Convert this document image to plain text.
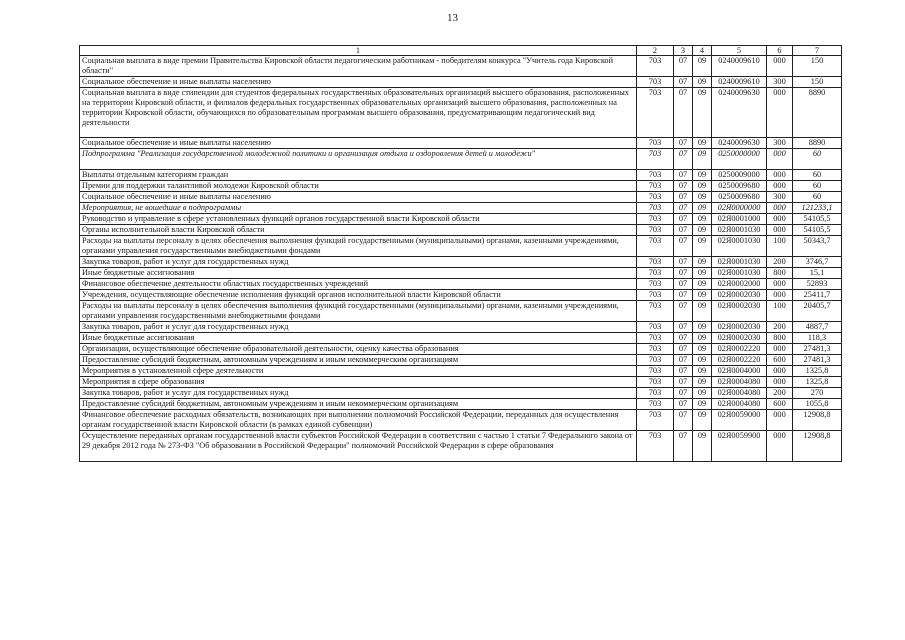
13
1	2	3	4	5	6	7
Социальная выплата в виде премии Правительства Кировской области педагогическим работникам - победителям конкурса "Учитель года Кировской области"	703	07	09	0240009610	000	150
Социальное обеспечение и иные выплаты населению	703	07	09	0240009610	300	150
Социальная выплата в виде стипендии для студентов федеральных государственных образовательных организаций высшего образования, расположенных на территории Кировской области, и филиалов федеральных государственных образовательных организаций высшего образования, расположенных на территории Кировской области, обучающихся по образовательным программам высшего образования, предусматривающим педагогический вид деятельности	703	07	09	0240009630	000	8890
Социальное обеспечение и иные выплаты населению	703	07	09	0240009630	300	8890
Подпрограмма "Реализация государственной молодежной политики и организация отдыха и оздоровления детей и молодежи"	703	07	09	0250000000	000	60
Выплаты отдельным категориям граждан	703	07	09	0250009000	000	60
Премии для поддержки талантливой молодежи Кировской области	703	07	09	0250009680	000	60
Социальное обеспечение и иные выплаты населению	703	07	09	0250009680	300	60
Мероприятия, не вошедшие в подпрограммы	703	07	09	02Я0000000	000	121233,1
Руководство и управление в сфере установленных функций органов государственной власти Кировской области	703	07	09	02Я0001000	000	54105,5
Органы исполнительной власти Кировской области	703	07	09	02Я0001030	000	54105,5
Расходы на выплаты персоналу в целях обеспечения выполнения функций государственными (муниципальными) органами, казенными учреждениями, органами управления государственными внебюджетными фондами	703	07	09	02Я0001030	100	50343,7
Закупка товаров, работ и услуг для государственных нужд	703	07	09	02Я0001030	200	3746,7
Иные бюджетные ассигнования	703	07	09	02Я0001030	800	15,1
Финансовое обеспечение деятельности областных государственных учреждений	703	07	09	02Я0002000	000	52893
Учреждения, осуществляющие обеспечение исполнения функций органов исполнительной власти Кировской области	703	07	09	02Я0002030	000	25411,7
Расходы на выплаты персоналу в целях обеспечения выполнения функций государственными (муниципальными) органами, казенными учреждениями, органами управления государственными внебюджетными фондами	703	07	09	02Я0002030	100	20405,7
Закупка товаров, работ и услуг для государственных нужд	703	07	09	02Я0002030	200	4887,7
Иные бюджетные ассигнования	703	07	09	02Я0002030	800	118,3
Организации, осуществляющие обеспечение образовательной деятельности, оценку качества образования	703	07	09	02Я0002220	000	27481,3
Предоставление субсидий бюджетным, автономным учреждениям и иным некоммерческим организациям	703	07	09	02Я0002220	600	27481,3
Мероприятия в установленной сфере деятельности	703	07	09	02Я0004000	000	1325,8
Мероприятия в сфере образования	703	07	09	02Я0004080	000	1325,8
Закупка товаров, работ и услуг для государственных нужд	703	07	09	02Я0004080	200	270
Предоставление субсидий бюджетным, автономным учреждениям и иным некоммерческим организациям	703	07	09	02Я0004080	600	1055,8
Финансовое обеспечение расходных обязательств, возникающих при выполнении полномочий Российской Федерации, переданных для осуществления органам государственной власти Кировской области (в рамках единой субвенции)	703	07	09	02Я0059000	000	12908,8
Осуществление переданных органам государственной власти субъектов Российской Федерации в соответствии с частью 1 статьи 7 Федерального закона от 29 декабря 2012 года № 273-ФЗ "Об образовании в Российской Федерации" полномочий Российской Федерации в сфере образования	703	07	09	02Я0059900	000	12908,8
